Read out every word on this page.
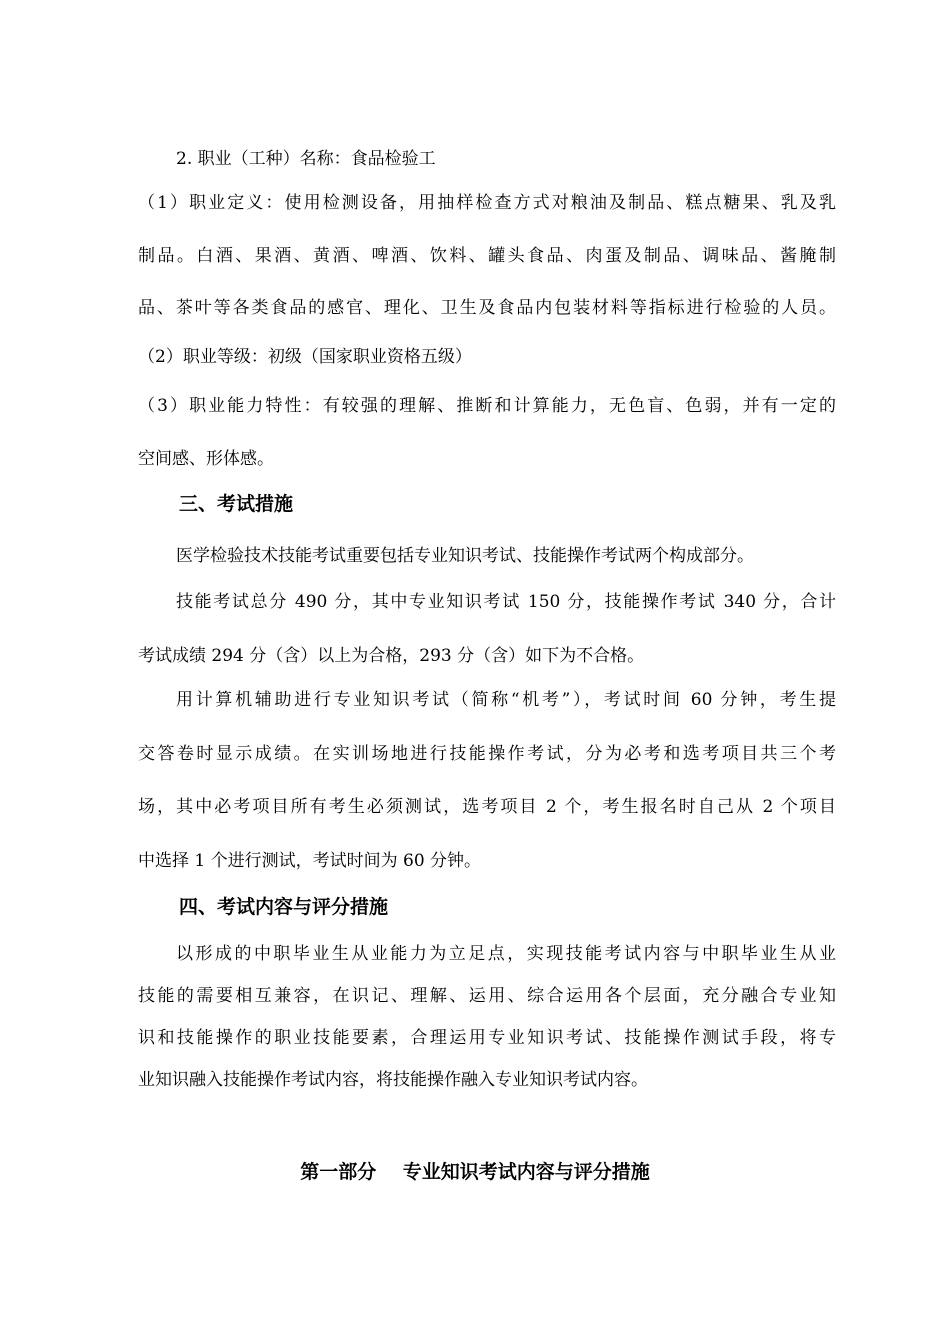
2. 职业（工种）名称：食品检验工
（1）职业定义：使用检测设备，用抽样检查方式对粮油及制品、糕点糖果、乳及乳
制品。白酒、果酒、黄酒、啤酒、饮料、罐头食品、肉蛋及制品、调味品、酱腌制
品、茶叶等各类食品的感官、理化、卫生及食品内包装材料等指标进行检验的人员。
（2）职业等级：初级（国家职业资格五级）
（3）职业能力特性：有较强的理解、推断和计算能力，无色盲、色弱，并有一定的
空间感、形体感。
三、考试措施
医学检验技术技能考试重要包括专业知识考试、技能操作考试两个构成部分。
技能考试总分 490 分，其中专业知识考试 150 分，技能操作考试 340 分，合计
考试成绩 294 分（含）以上为合格，293 分（含）如下为不合格。
用计算机辅助进行专业知识考试（简称“机考”），考试时间 60 分钟，考生提
交答卷时显示成绩。在实训场地进行技能操作考试，分为必考和选考项目共三个考
场，其中必考项目所有考生必须测试，选考项目 2 个，考生报名时自己从 2 个项目
中选择 1 个进行测试，考试时间为 60 分钟。
四、考试内容与评分措施
以形成的中职毕业生从业能力为立足点，实现技能考试内容与中职毕业生从业
技能的需要相互兼容，在识记、理解、运用、综合运用各个层面，充分融合专业知
识和技能操作的职业技能要素，合理运用专业知识考试、技能操作测试手段，将专
业知识融入技能操作考试内容，将技能操作融入专业知识考试内容。
第一部分    专业知识考试内容与评分措施
